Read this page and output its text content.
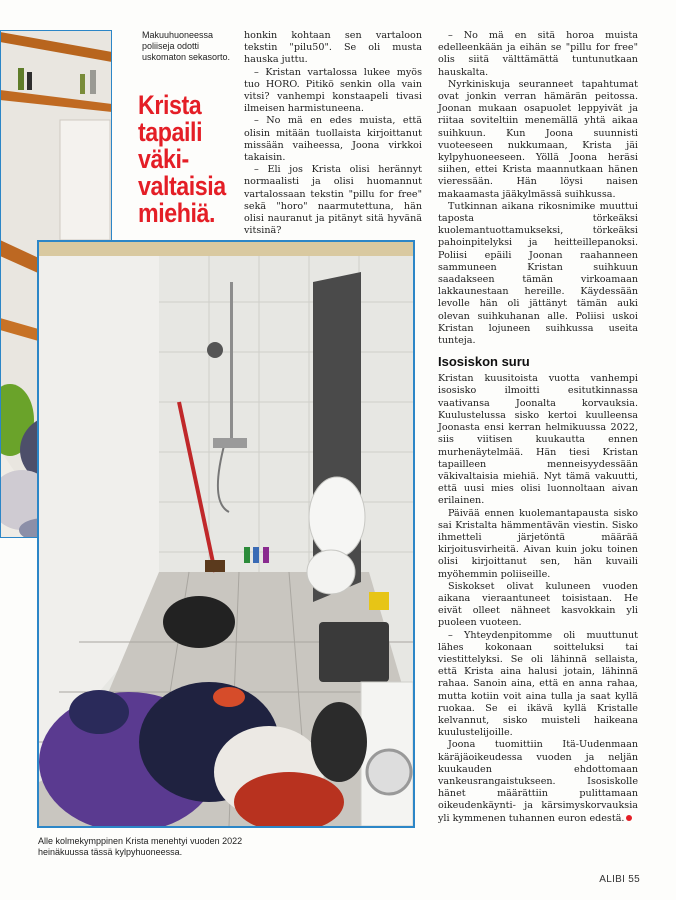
Makuuhuoneessa poliiseja odotti uskomaton sekasorto.
Krista tapaili väki-valtaisia miehiä.

honkin kohtaan sen vartaloon tekstin "pilu50". Se oli musta hauska juttu.

– Kristan vartalossa lukee myös tuo HORO. Pitikö senkin olla vain vitsi? vanhempi konstaapeli tivasi ilmeisen harmistuneena.

– No mä en edes muista, että olisin mitään tuollaista kirjoittanut missään vaiheessa, Joona virkkoi takaisin.

– Eli jos Krista olisi herännyt normaalisti ja olisi huomannut vartalossaan tekstin "pillu for free" sekä "horo" naarmutettuna, hän olisi nauranut ja pitänyt sitä hyvänä vitsinä?

– No mä en sitä horoa muista edelleenkään ja eihän se "pillu for free" olis siitä välttämättä tuntunutkaan hauskalta.

Nyrkiniskuja seuranneet tapahtumat ovat jonkin verran hämärän peitossa. Joonan mukaan osapuolet leppyivät ja riitaa soviteltiin menemällä yhtä aikaa suihkuun. Kun Joona suunnisti vuoteeseen nukkumaan, Krista jäi kylpyhuoneeseen. Yöllä Joona heräsi siihen, ettei Krista maannutkaan hänen vieressään. Hän löysi naisen makaamasta jääkylmässä suihkussa.

Tutkinnan aikana rikosnimike muuttui taposta törkeäksi kuolemantuottamukseksi, törkeäksi pahoinpitelyksi ja heitteillepanoksi. Poliisi epäili Joonan raahanneen sammuneen Kristan suihkuun saadakseen tämän virkoamaan lakkaunestaan hereille. Käydessään levolle hän oli jättänyt tämän auki olevan suihkuhanan alle. Poliisi uskoi Kristan lojuneen suihkussa useita tunteja.

Isosiskon suru

Kristan kuusitoista vuotta vanhempi isosisko ilmoitti esitutkinnassa vaativansa Joonalta korvauksia. Kuulustelussa sisko kertoi kuulleensa Joonasta ensi kerran helmikuussa 2022, siis viitisen kuukautta ennen murhenäytelmää. Hän tiesi Kristan tapailleen menneisyydessään väkivaltaisia miehiä. Nyt tämä vakuutti, että uusi mies olisi luonnoltaan aivan erilainen.

Päivää ennen kuolemantapausta sisko sai Kristalta hämmentävän viestin. Sisko ihmetteli järjetöntä määrää kirjoitusvirheitä. Aivan kuin joku toinen olisi kirjoittanut sen, hän kuvaili myöhemmin poliiseille.

Siskokset olivat kuluneen vuoden aikana vieraantuneet toisistaan. He eivät olleet nähneet kasvokkain yli puoleen vuoteen.

– Yhteydenpitomme oli muuttunut lähes kokonaan soitteluksi tai viestittelyksi. Se oli lähinnä sellaista, että Krista aina halusi jotain, lähinnä rahaa. Sanoin aina, että en anna rahaa, mutta kotiin voit aina tulla ja saat kyllä ruokaa. Se ei ikävä kyllä Kristalle kelvannut, sisko muisteli haikeana kuulustelijoille.

Joona tuomittiin Itä-Uudenmaan käräjäoikeudessa vuoden ja neljän kuukauden ehdottomaan vankeusrangaistukseen. Isosiskolle hänet määrättiin pulittamaan oikeudenkäynti- ja kärsimyskorvauksia yli kymmenen tuhannen euron edestä.

Alle kolmekymppinen Krista menehtyi vuoden 2022 heinäkuussa tässä kylpyhuoneessa.
ALIBI 55
